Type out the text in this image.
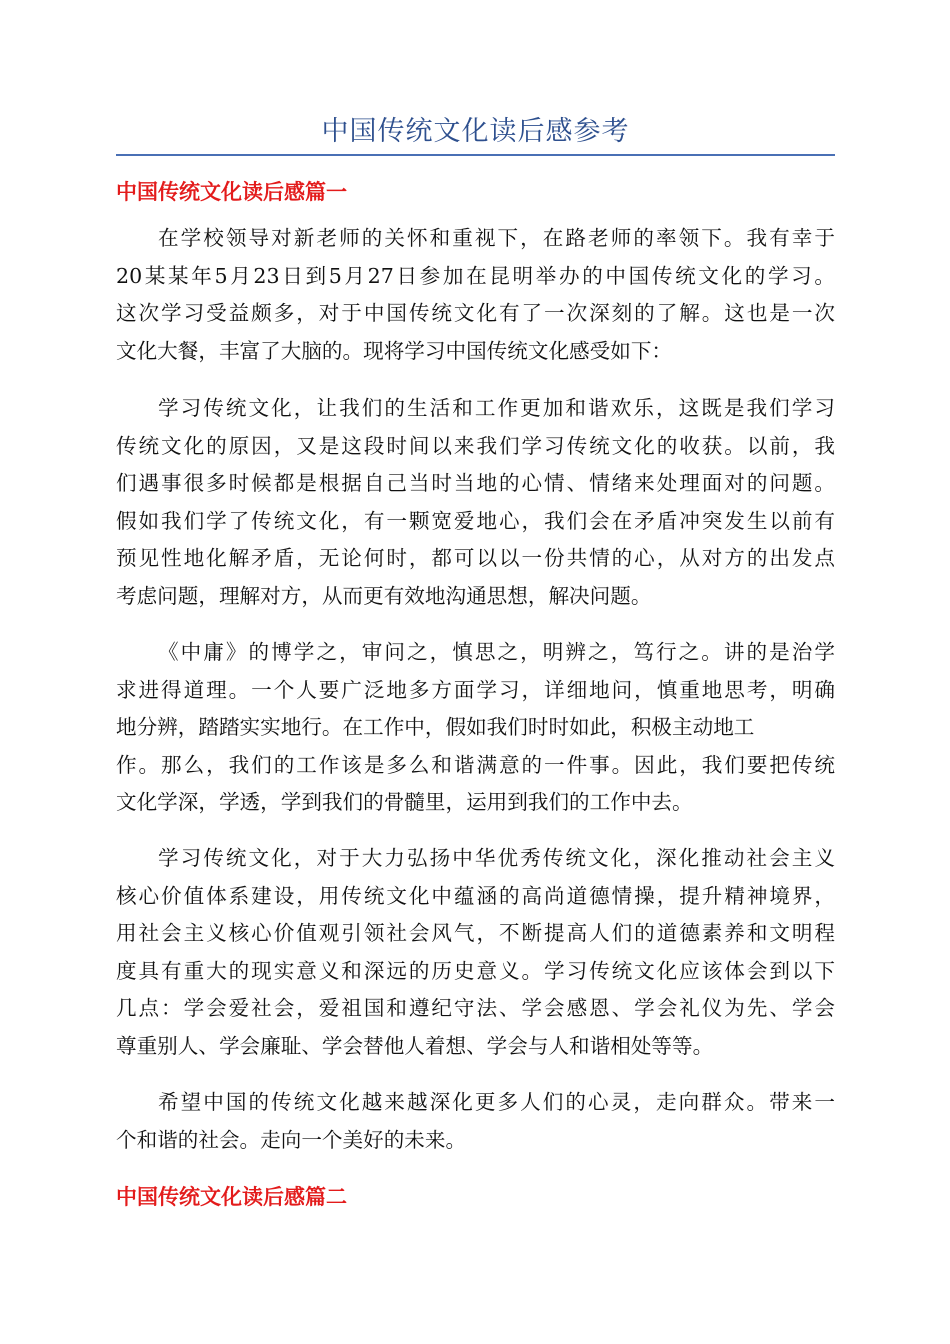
中国传统文化读后感参考
中国传统文化读后感篇一
在学校领导对新老师的关怀和重视下，在路老师的率领下。我有幸于
20某某年5月23日到5月27日参加在昆明举办的中国传统文化的学习。
这次学习受益颇多，对于中国传统文化有了一次深刻的了解。这也是一次
文化大餐，丰富了大脑的。现将学习中国传统文化感受如下：
学习传统文化，让我们的生活和工作更加和谐欢乐，这既是我们学习
传统文化的原因，又是这段时间以来我们学习传统文化的收获。以前，我
们遇事很多时候都是根据自己当时当地的心情、情绪来处理面对的问题。
假如我们学了传统文化，有一颗宽爱地心，我们会在矛盾冲突发生以前有
预见性地化解矛盾，无论何时，都可以以一份共情的心，从对方的出发点
考虑问题，理解对方，从而更有效地沟通思想，解决问题。
《中庸》的博学之，审问之，慎思之，明辨之，笃行之。讲的是治学
求进得道理。一个人要广泛地多方面学习，详细地问，慎重地思考，明确
地分辨，踏踏实实地行。在工作中，假如我们时时如此，积极主动地工
作。那么，我们的工作该是多么和谐满意的一件事。因此，我们要把传统
文化学深，学透，学到我们的骨髓里，运用到我们的工作中去。
学习传统文化，对于大力弘扬中华优秀传统文化，深化推动社会主义
核心价值体系建设，用传统文化中蕴涵的高尚道德情操，提升精神境界，
用社会主义核心价值观引领社会风气，不断提高人们的道德素养和文明程
度具有重大的现实意义和深远的历史意义。学习传统文化应该体会到以下
几点：学会爱社会，爱祖国和遵纪守法、学会感恩、学会礼仪为先、学会
尊重别人、学会廉耻、学会替他人着想、学会与人和谐相处等等。
希望中国的传统文化越来越深化更多人们的心灵，走向群众。带来一
个和谐的社会。走向一个美好的未来。
中国传统文化读后感篇二
